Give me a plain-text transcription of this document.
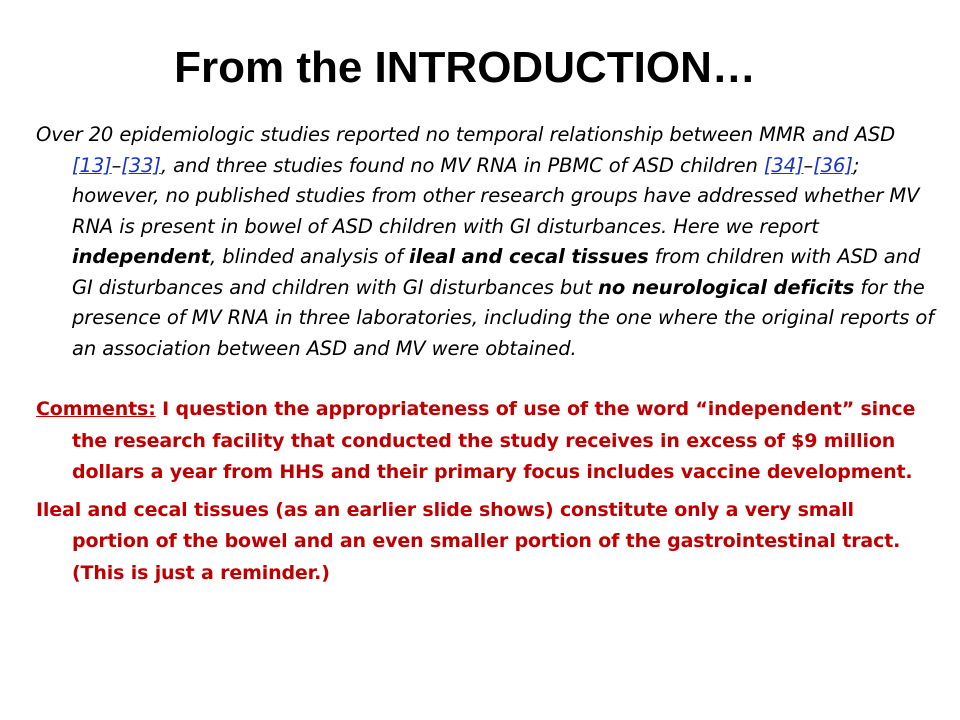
From the INTRODUCTION…

Over 20 epidemiologic studies reported no temporal relationship between MMR and ASD [13]–[33], and three studies found no MV RNA in PBMC of ASD children [34]–[36]; however, no published studies from other research groups have addressed whether MV RNA is present in bowel of ASD children with GI disturbances. Here we report independent, blinded analysis of ileal and cecal tissues from children with ASD and GI disturbances and children with GI disturbances but no neurological deficits for the presence of MV RNA in three laboratories, including the one where the original reports of an association between ASD and MV were obtained.

Comments: I question the appropriateness of use of the word “independent” since the research facility that conducted the study receives in excess of $9 million dollars a year from HHS and their primary focus includes vaccine development.

Ileal and cecal tissues (as an earlier slide shows) constitute only a very small portion of the bowel and an even smaller portion of the gastrointestinal tract. (This is just a reminder.)
